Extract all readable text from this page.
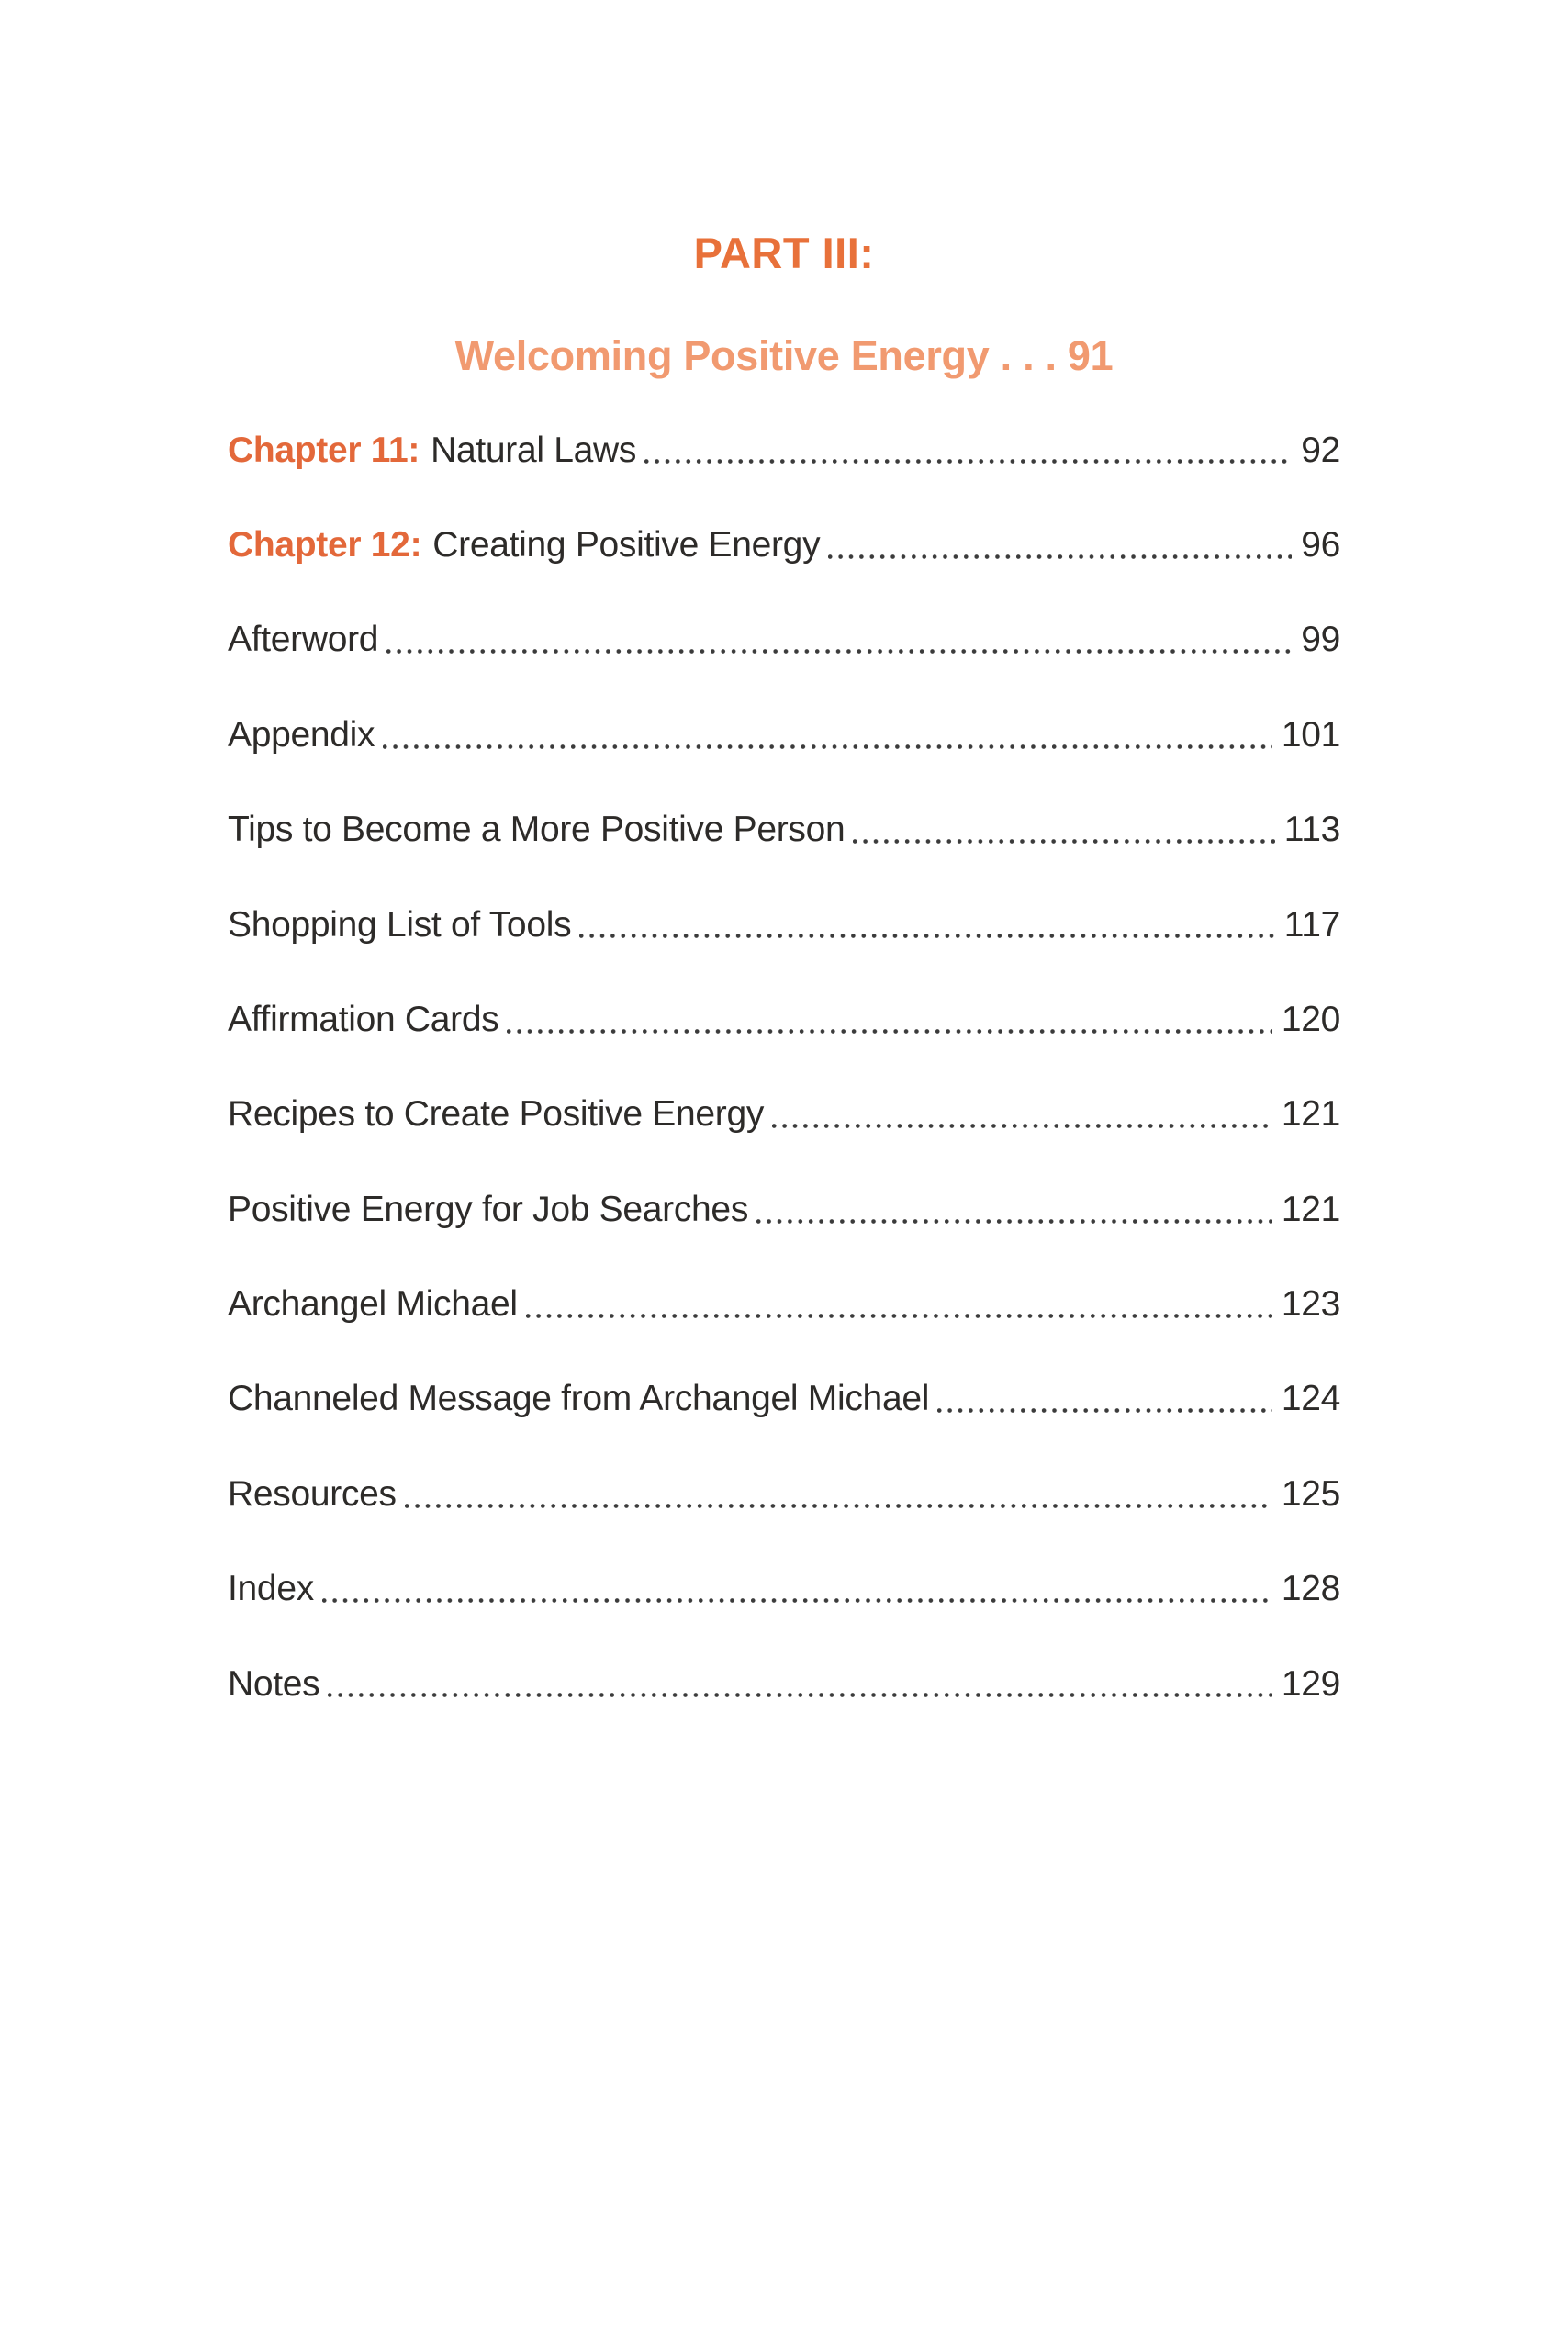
PART III:
Welcoming Positive Energy . . . 91
Chapter 11: Natural Laws	92
Chapter 12: Creating Positive Energy	96
Afterword	99
Appendix	101
Tips to Become a More Positive Person	113
Shopping List of Tools	117
Affirmation Cards	120
Recipes to Create Positive Energy	121
Positive Energy for Job Searches	121
Archangel Michael	123
Channeled Message from Archangel Michael	124
Resources	125
Index	128
Notes	129
